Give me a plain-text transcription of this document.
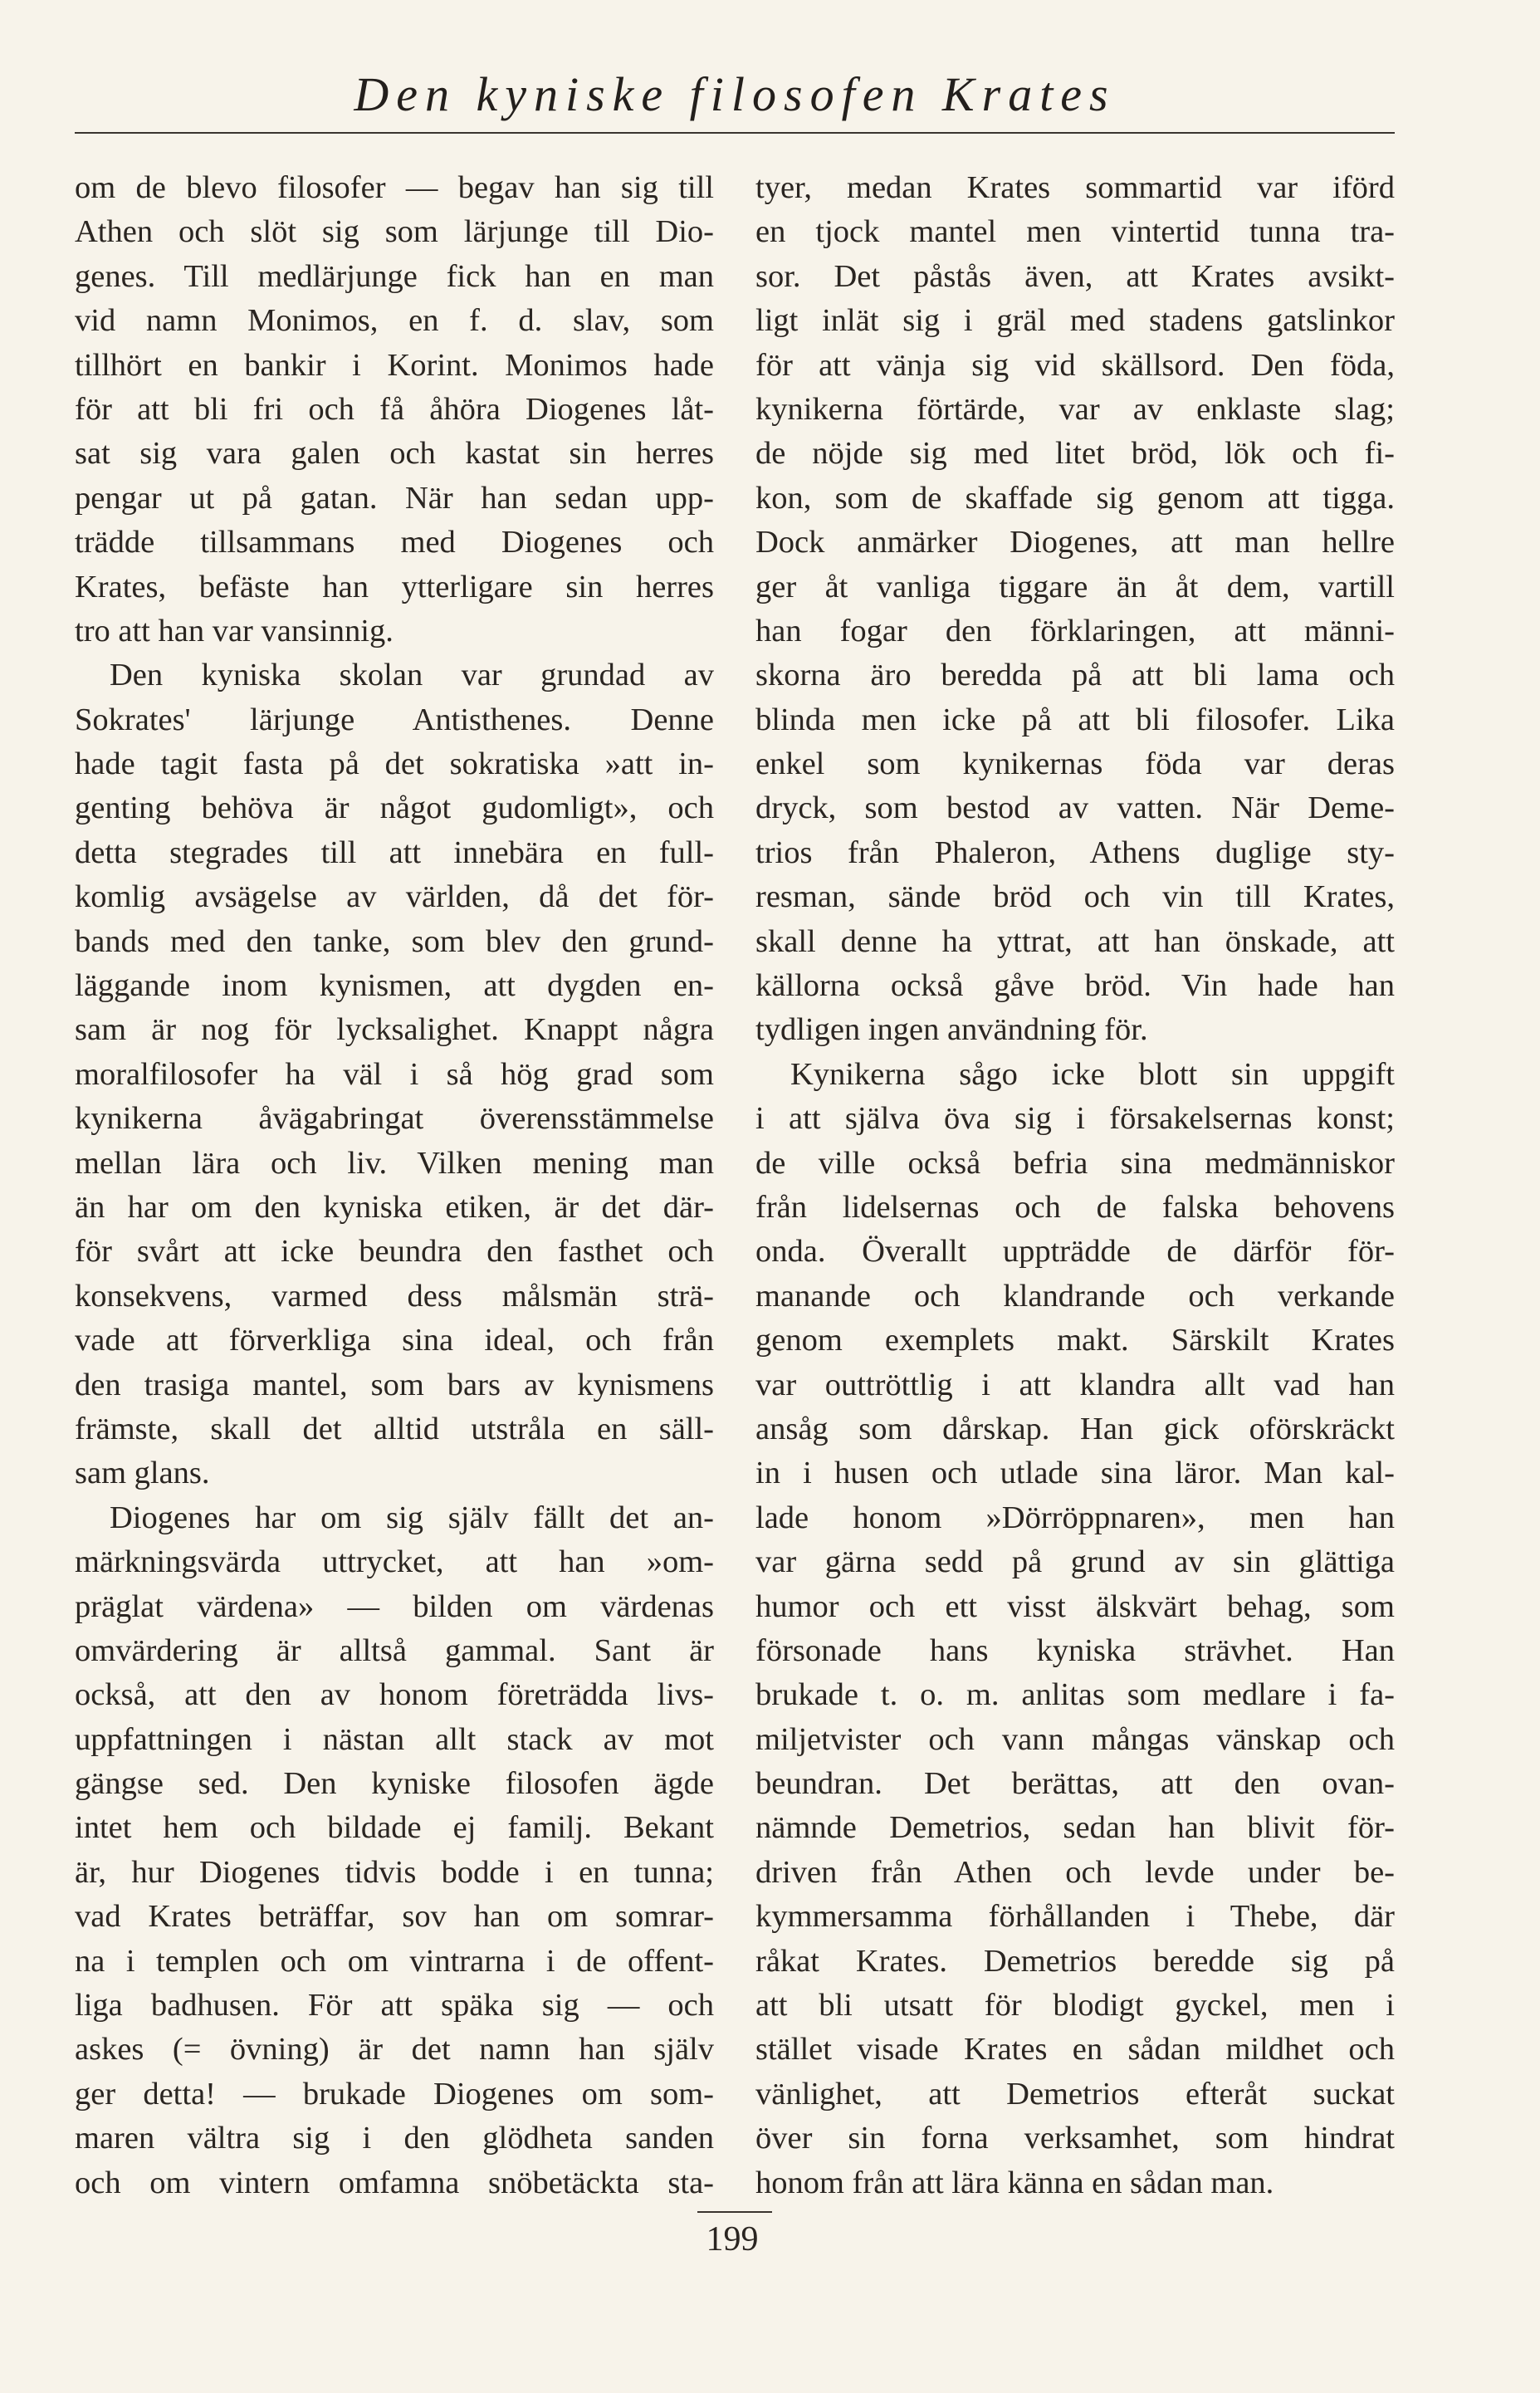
Den kyniske filosofen Krates
om de blevo filosofer — begav han sig till
Athen och slöt sig som lärjunge till Dio-
genes. Till medlärjunge fick han en man
vid namn Monimos, en f. d. slav, som
tillhört en bankir i Korint. Monimos hade
för att bli fri och få åhöra Diogenes låt-
sat sig vara galen och kastat sin herres
pengar ut på gatan. När han sedan upp-
trädde tillsammans med Diogenes och
Krates, befäste han ytterligare sin herres
tro att han var vansinnig.
Den kyniska skolan var grundad av
Sokrates' lärjunge Antisthenes. Denne
hade tagit fasta på det sokratiska »att in-
genting behöva är något gudomligt», och
detta stegrades till att innebära en full-
komlig avsägelse av världen, då det för-
bands med den tanke, som blev den grund-
läggande inom kynismen, att dygden en-
sam är nog för lycksalighet. Knappt några
moralfilosofer ha väl i så hög grad som
kynikerna åvägabringat överensstämmelse
mellan lära och liv. Vilken mening man
än har om den kyniska etiken, är det där-
för svårt att icke beundra den fasthet och
konsekvens, varmed dess målsmän strä-
vade att förverkliga sina ideal, och från
den trasiga mantel, som bars av kynismens
främste, skall det alltid utstråla en säll-
sam glans.
Diogenes har om sig själv fällt det an-
märkningsvärda uttrycket, att han »om-
präglat värdena» — bilden om värdenas
omvärdering är alltså gammal. Sant är
också, att den av honom företrädda livs-
uppfattningen i nästan allt stack av mot
gängse sed. Den kyniske filosofen ägde
intet hem och bildade ej familj. Bekant
är, hur Diogenes tidvis bodde i en tunna;
vad Krates beträffar, sov han om somrar-
na i templen och om vintrarna i de offent-
liga badhusen. För att späka sig — och
askes (= övning) är det namn han själv
ger detta! — brukade Diogenes om som-
maren vältra sig i den glödheta sanden
och om vintern omfamna snöbetäckta sta-
tyer, medan Krates sommartid var iförd
en tjock mantel men vintertid tunna tra-
sor. Det påstås även, att Krates avsikt-
ligt inlät sig i gräl med stadens gatslinkor
för att vänja sig vid skällsord. Den föda,
kynikerna förtärde, var av enklaste slag;
de nöjde sig med litet bröd, lök och fi-
kon, som de skaffade sig genom att tigga.
Dock anmärker Diogenes, att man hellre
ger åt vanliga tiggare än åt dem, vartill
han fogar den förklaringen, att männi-
skorna äro beredda på att bli lama och
blinda men icke på att bli filosofer. Lika
enkel som kynikernas föda var deras
dryck, som bestod av vatten. När Deme-
trios från Phaleron, Athens duglige sty-
resman, sände bröd och vin till Krates,
skall denne ha yttrat, att han önskade, att
källorna också gåve bröd. Vin hade han
tydligen ingen användning för.
Kynikerna sågo icke blott sin uppgift
i att själva öva sig i försakelsernas konst;
de ville också befria sina medmänniskor
från lidelsernas och de falska behovens
onda. Överallt uppträdde de därför för-
manande och klandrande och verkande
genom exemplets makt. Särskilt Krates
var outtröttlig i att klandra allt vad han
ansåg som dårskap. Han gick oförskräckt
in i husen och utlade sina läror. Man kal-
lade honom »Dörröppnaren», men han
var gärna sedd på grund av sin glättiga
humor och ett visst älskvärt behag, som
försonade hans kyniska strävhet. Han
brukade t. o. m. anlitas som medlare i fa-
miljetvister och vann mångas vänskap och
beundran. Det berättas, att den ovan-
nämnde Demetrios, sedan han blivit för-
driven från Athen och levde under be-
kymmersamma förhållanden i Thebe, där
råkat Krates. Demetrios beredde sig på
att bli utsatt för blodigt gyckel, men i
stället visade Krates en sådan mildhet och
vänlighet, att Demetrios efteråt suckat
över sin forna verksamhet, som hindrat
honom från att lära känna en sådan man.
199
